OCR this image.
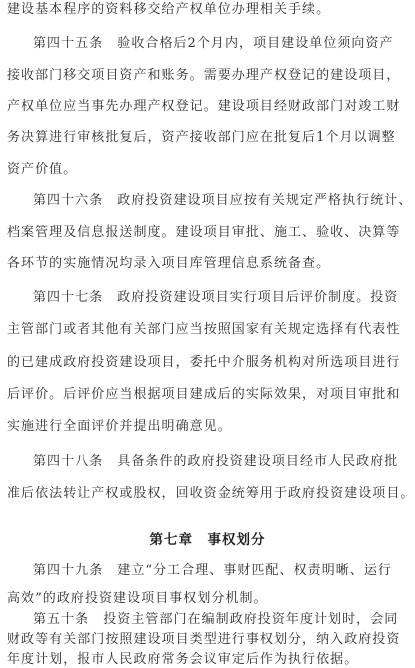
建设基本程序的资料移交给产权单位办理相关手续。
第四十五条　验收合格后2个月内，项目建设单位须向资产
接收部门移交项目资产和账务。需要办理产权登记的建设项目，
产权单位应当事先办理产权登记。建设项目经财政部门对竣工财
务决算进行审核批复后，资产接收部门应在批复后1个月以调整
资产价值。
第四十六条　政府投资建设项目应按有关规定严格执行统计、
档案管理及信息报送制度。建设项目审批、施工、验收、决算等
各环节的实施情况均录入项目库管理信息系统备查。
第四十七条　政府投资建设项目实行项目后评价制度。投资
主管部门或者其他有关部门应当按照国家有关规定选择有代表性
的已建成政府投资建设项目，委托中介服务机构对所选项目进行
后评价。后评价应当根据项目建成后的实际效果，对项目审批和
实施进行全面评价并提出明确意见。
第四十八条　具备条件的政府投资建设项目经市人民政府批
准后依法转让产权或股权，回收资金统筹用于政府投资建设项目。
第七章　事权划分
第四十九条　建立“分工合理、事财匹配、权责明晰、运行
高效”的政府投资建设项目事权划分机制。
第五十条　投资主管部门在编制政府投资年度计划时，会同
财政等有关部门按照建设项目类型进行事权划分，纳入政府投资
年度计划，报市人民政府常务会议审定后作为执行依据。
